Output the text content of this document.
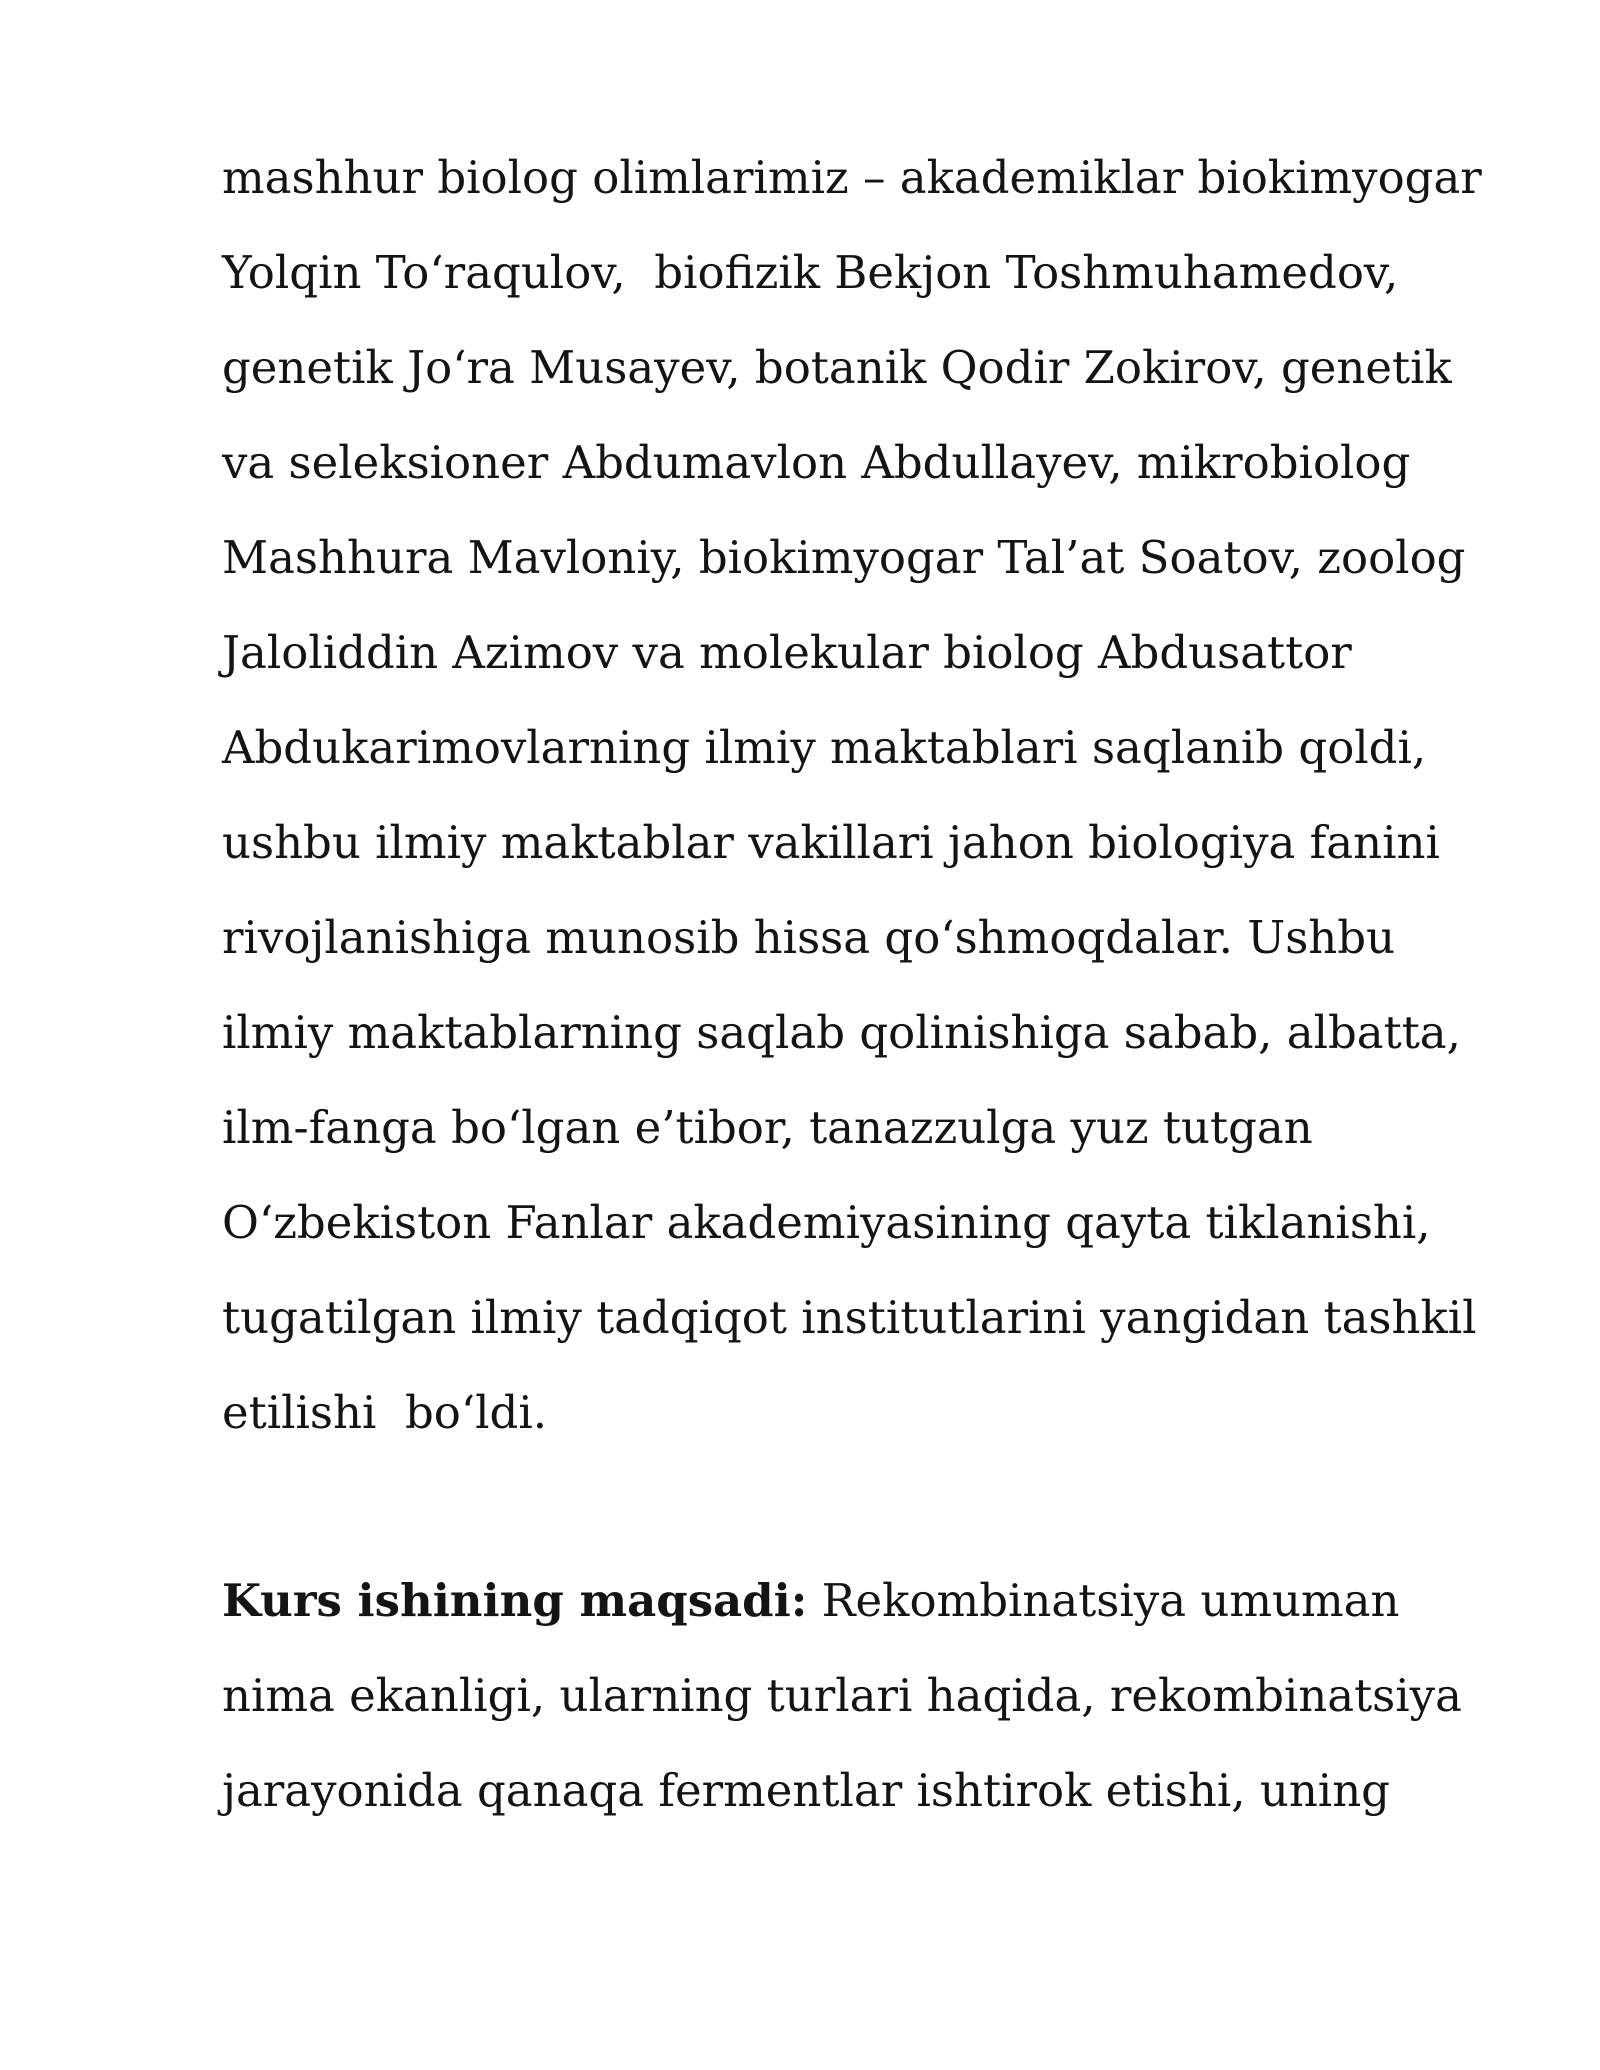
mashhur biolog olimlarimiz – akademiklar biokimyogar
Yolqin To‘raqulov,  biofizik Bekjon Toshmuhamedov,
genetik Jo‘ra Musayev, botanik Qodir Zokirov, genetik
va seleksioner Abdumavlon Abdullayev, mikrobiolog
Mashhura Mavloniy, biokimyogar Tal’at Soatov, zoolog
Jaloliddin Azimov va molekular biolog Abdusattor
Abdukarimovlarning ilmiy maktablari saqlanib qoldi,
ushbu ilmiy maktablar vakillari jahon biologiya fanini
rivojlanishiga munosib hissa qo‘shmoqdalar. Ushbu
ilmiy maktablarning saqlab qolinishiga sabab, albatta,
ilm-fanga bo‘lgan e’tibor, tanazzulga yuz tutgan
O‘zbekiston Fanlar akademiyasining qayta tiklanishi,
tugatilgan ilmiy tadqiqot institutlarini yangidan tashkil
etilishi  bo‘ldi.
Kurs ishining maqsadi: Rekombinatsiya umuman
nima ekanligi, ularning turlari haqida, rekombinatsiya
jarayonida qanaqa fermentlar ishtirok etishi, uning
